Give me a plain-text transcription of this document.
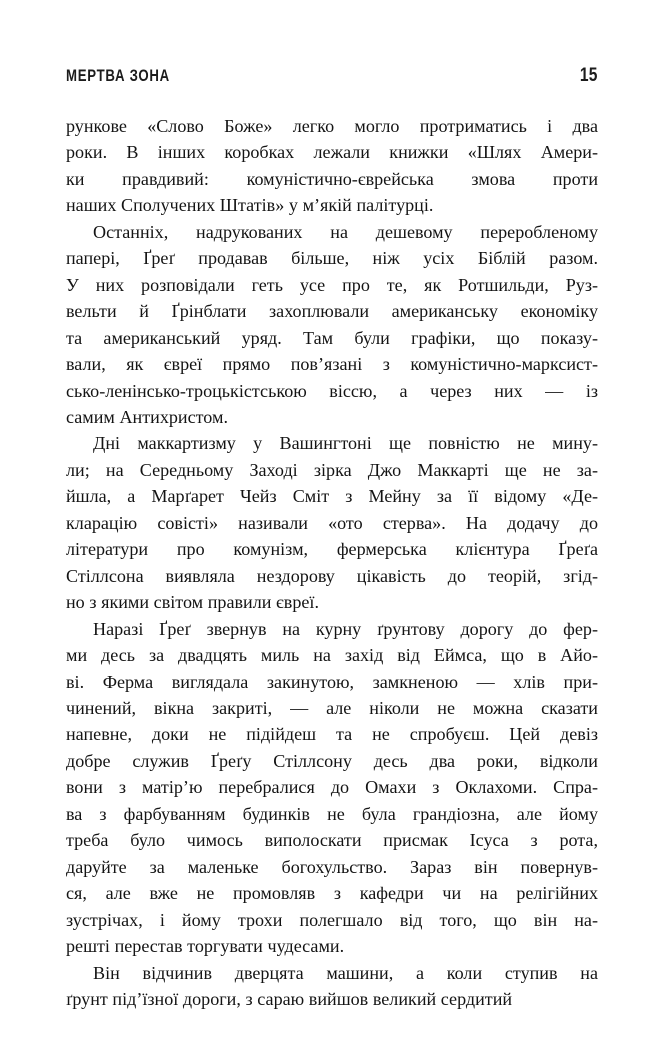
МЕРТВА ЗОНА	15

рункове «Слово Боже» легко могло протриматись і два
роки. В інших коробках лежали книжки «Шлях Амери-
ки правдивий: комуністично-єврейська змова проти
наших Сполучених Штатів» у м’якій палітурці.

Останніх, надрукованих на дешевому переробленому
папері, Ґреґ продавав більше, ніж усіх Біблій разом.
У них розповідали геть усе про те, як Ротшильди, Руз-
вельти й Ґрінблати захоплювали американську економіку
та американський уряд. Там були графіки, що показу-
вали, як євреї прямо пов’язані з комуністично-марксист-
сько-ленінсько-троцькістською віссю, а через них — із
самим Антихристом.

Дні маккартизму у Вашингтоні ще повністю не мину-
ли; на Середньому Заході зірка Джо Маккарті ще не за-
йшла, а Марґарет Чейз Сміт з Мейну за її відому «Де-
кларацію совісті» називали «ото стерва». На додачу до
літератури про комунізм, фермерська клієнтура Ґреґа
Стіллсона виявляла нездорову цікавість до теорій, згід-
но з якими світом правили євреї.

Наразі Ґреґ звернув на курну ґрунтову дорогу до фер-
ми десь за двадцять миль на захід від Еймса, що в Айо-
ві. Ферма виглядала закинутою, замкненою — хлів при-
чинений, вікна закриті, — але ніколи не можна сказати
напевне, доки не підійдеш та не спробуєш. Цей девіз
добре служив Ґреґу Стіллсону десь два роки, відколи
вони з матір’ю перебралися до Омахи з Оклахоми. Спра-
ва з фарбуванням будинків не була грандіозна, але йому
треба було чимось виполоскати присмак Ісуса з рота,
даруйте за маленьке богохульство. Зараз він повернув-
ся, але вже не промовляв з кафедри чи на релігійних
зустрічах, і йому трохи полегшало від того, що він на-
решті перестав торгувати чудесами.

Він відчинив дверцята машини, а коли ступив на
ґрунт під’їзної дороги, з сараю вийшов великий сердитий
